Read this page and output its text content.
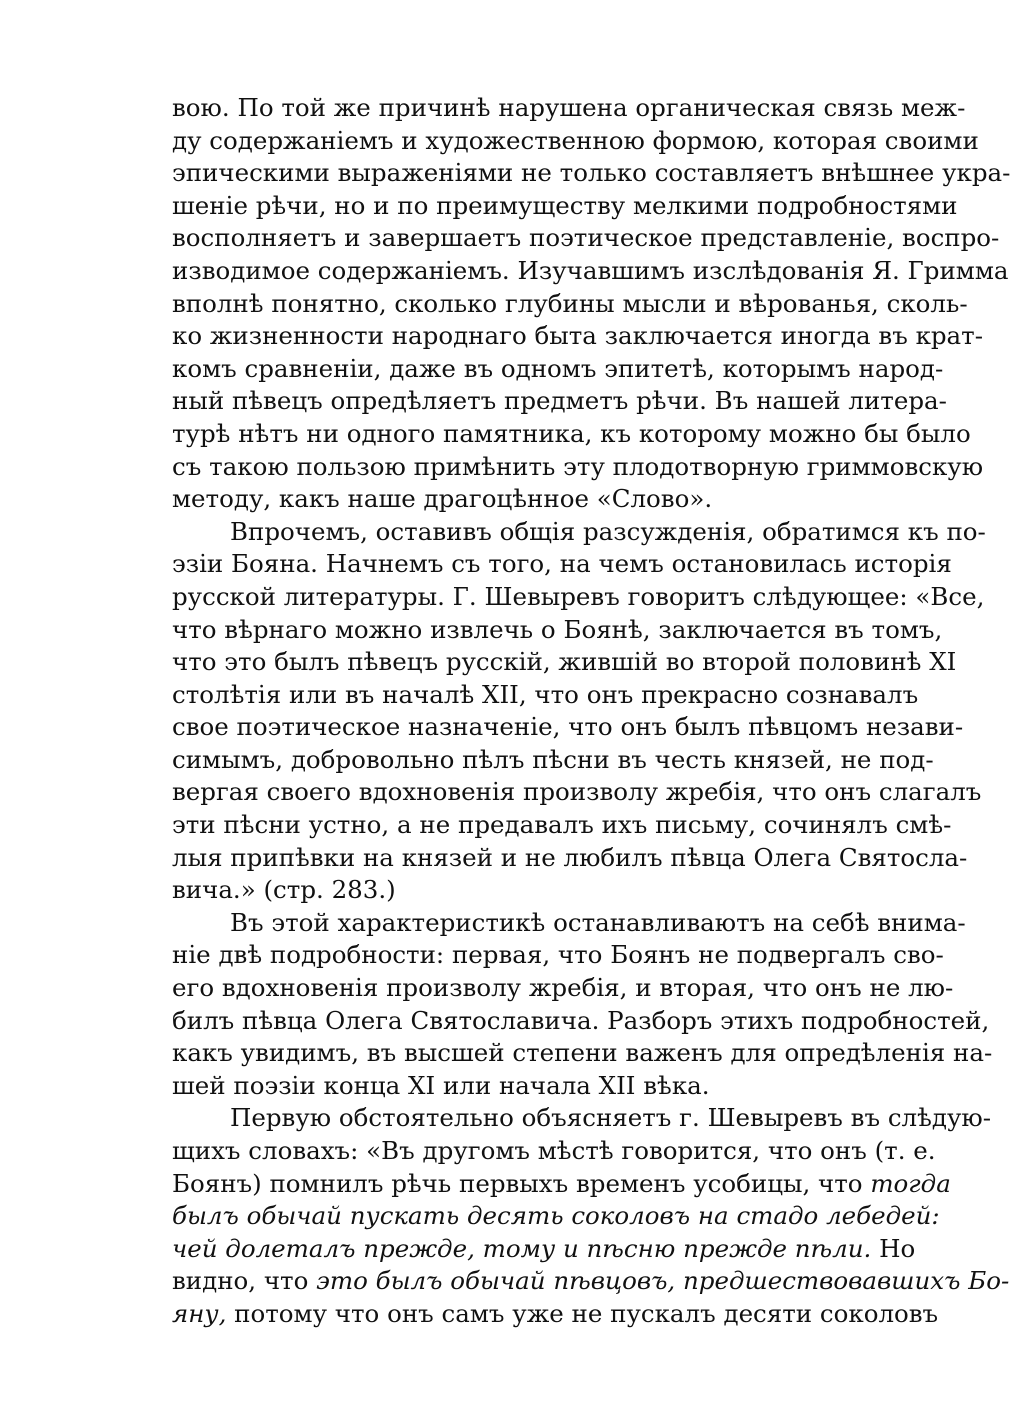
вою. По той же причинѣ нарушена органическая связь меж-
ду содержаніемъ и художественною формою, которая своими
эпическими выраженіями не только составляетъ внѣшнее укра-
шеніе рѣчи, но и по преимуществу мелкими подробностями
восполняетъ и завершаетъ поэтическое представленіе, воспро-
изводимое содержаніемъ. Изучавшимъ изслѣдованія Я. Гримма
вполнѣ понятно, сколько глубины мысли и вѣрованья, сколь-
ко жизненности народнаго быта заключается иногда въ крат-
комъ сравненіи, даже въ одномъ эпитетѣ, которымъ народ-
ный пѣвецъ опредѣляетъ предметъ рѣчи. Въ нашей литера-
турѣ нѣтъ ни одного памятника, къ которому можно бы было
съ такою пользою примѣнить эту плодотворную гриммовскую
методу, какъ наше драгоцѣнное «Слово».
Впрочемъ, оставивъ общія разсужденія, обратимся къ по-
эзіи Бояна. Начнемъ съ того, на чемъ остановилась исторія
русской литературы. Г. Шевыревъ говоритъ слѣдующее: «Все,
что вѣрнаго можно извлечь о Боянѣ, заключается въ томъ,
что это былъ пѣвецъ русскій, жившій во второй половинѣ XI
столѣтія или въ началѣ XII, что онъ прекрасно сознавалъ
свое поэтическое назначеніе, что онъ былъ пѣвцомъ незави-
симымъ, добровольно пѣлъ пѣсни въ честь князей, не под-
вергая своего вдохновенія произволу жребія, что онъ слагалъ
эти пѣсни устно, а не предавалъ ихъ письму, сочинялъ смѣ-
лыя припѣвки на князей и не любилъ пѣвца Олега Святосла-
вича.» (стр. 283.)
Въ этой характеристикѣ останавливаютъ на себѣ внима-
ніе двѣ подробности: первая, что Боянъ не подвергалъ сво-
его вдохновенія произволу жребія, и вторая, что онъ не лю-
билъ пѣвца Олега Святославича. Разборъ этихъ подробностей,
какъ увидимъ, въ высшей степени важенъ для опредѣленія на-
шей поэзіи конца XI или начала XII вѣка.
Первую обстоятельно объясняетъ г. Шевыревъ въ слѣдую-
щихъ словахъ: «Въ другомъ мѣстѣ говорится, что онъ (т. е.
Боянъ) помнилъ рѣчь первыхъ временъ усобицы, что тогда
былъ обычай пускать десять соколовъ на стадо лебедей:
чей долеталъ прежде, тому и пѣсню прежде пѣли. Но
видно, что это былъ обычай пѣвцовъ, предшествовавшихъ Бо-
яну, потому что онъ самъ уже не пускалъ десяти соколовъ
